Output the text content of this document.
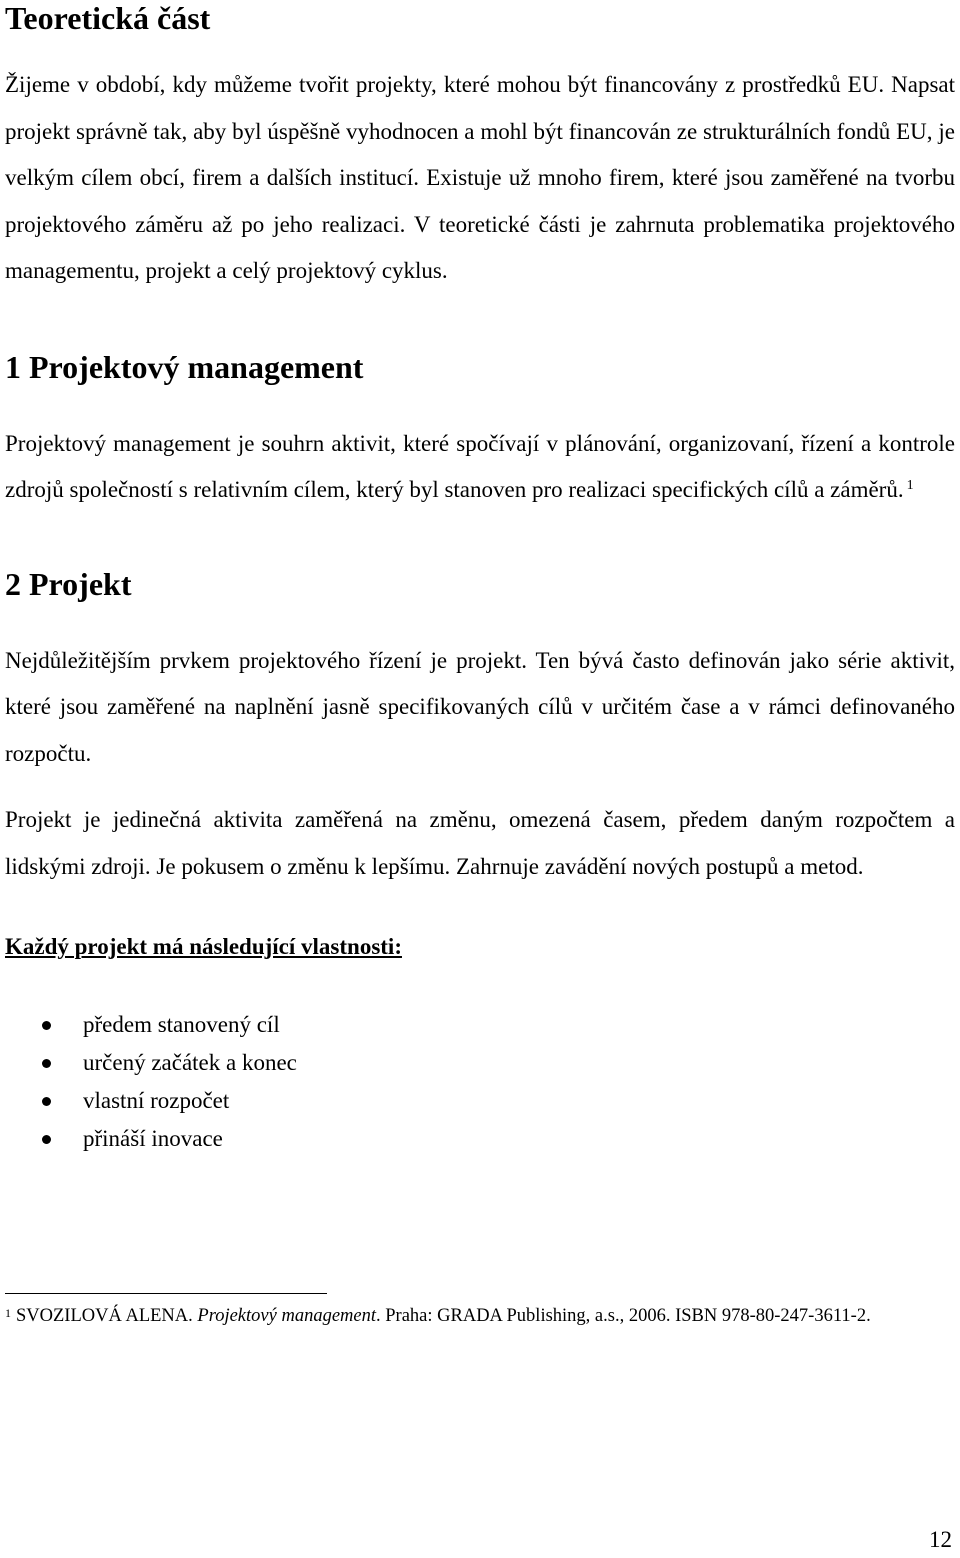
Teoretická část

Žijeme v období, kdy můžeme tvořit projekty, které mohou být financovány z prostředků EU. Napsat projekt správně tak, aby byl úspěšně vyhodnocen a mohl být financován ze strukturálních fondů EU, je velkým cílem obcí, firem a dalších institucí. Existuje už mnoho firem, které jsou zaměřené na tvorbu projektového záměru až po jeho realizaci. V teoretické části je zahrnuta problematika projektového managementu, projekt a celý projektový cyklus.

1 Projektový management

Projektový management je souhrn aktivit, které spočívají v plánování, organizovaní, řízení a kontrole zdrojů společností s relativním cílem, který byl stanoven pro realizaci specifických cílů a záměrů. $^1$

2 Projekt

Nejdůležitějším prvkem projektového řízení je projekt. Ten bývá často definován jako série aktivit, které jsou zaměřené na naplnění jasně specifikovaných cílů v určitém čase a v rámci definovaného rozpočtu.

Projekt je jedinečná aktivita zaměřená na změnu, omezená časem, předem daným rozpočtem a lidskými zdroji. Je pokusem o změnu k lepšímu. Zahrnuje zavádění nových postupů a metod.

Každý projekt má následující vlastnosti:

předem stanovený cíl
určený začátek a konec
vlastní rozpočet
přináší inovace
$^1$ SVOZILOVÁ ALENA. Projektový management. Praha: GRADA Publishing, a.s., 2006. ISBN 978-80-247-3611-2.
12
